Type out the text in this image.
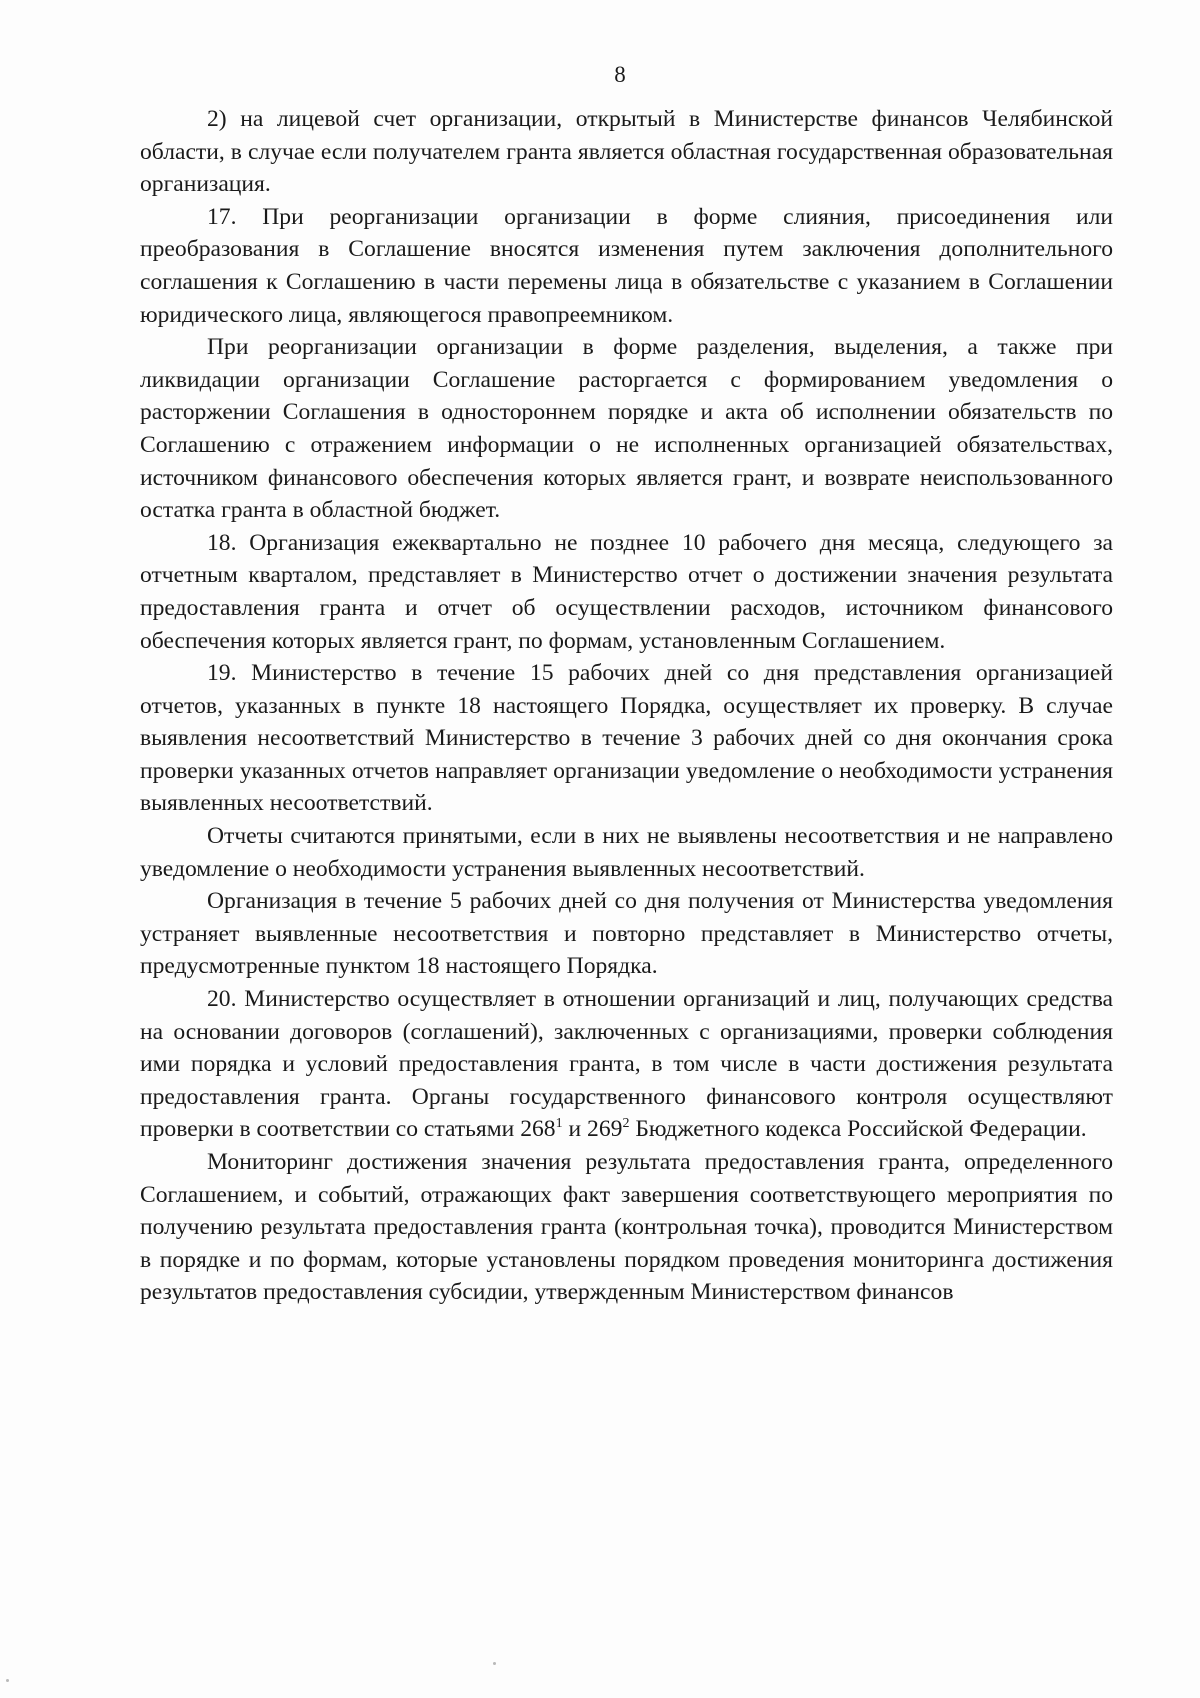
8

2) на лицевой счет организации, открытый в Министерстве финансов Челябинской области, в случае если получателем гранта является областная государственная образовательная организация.

17. При реорганизации организации в форме слияния, присоединения или преобразования в Соглашение вносятся изменения путем заключения дополнительного соглашения к Соглашению в части перемены лица в обязательстве с указанием в Соглашении юридического лица, являющегося правопреемником.

При реорганизации организации в форме разделения, выделения, а также при ликвидации организации Соглашение расторгается с формированием уведомления о расторжении Соглашения в одностороннем порядке и акта об исполнении обязательств по Соглашению с отражением информации о не исполненных организацией обязательствах, источником финансового обеспечения которых является грант, и возврате неиспользованного остатка гранта в областной бюджет.

18. Организация ежеквартально не позднее 10 рабочего дня месяца, следующего за отчетным кварталом, представляет в Министерство отчет о достижении значения результата предоставления гранта и отчет об осуществлении расходов, источником финансового обеспечения которых является грант, по формам, установленным Соглашением.

19. Министерство в течение 15 рабочих дней со дня представления организацией отчетов, указанных в пункте 18 настоящего Порядка, осуществляет их проверку. В случае выявления несоответствий Министерство в течение 3 рабочих дней со дня окончания срока проверки указанных отчетов направляет организации уведомление о необходимости устранения выявленных несоответствий.

Отчеты считаются принятыми, если в них не выявлены несоответствия и не направлено уведомление о необходимости устранения выявленных несоответствий.

Организация в течение 5 рабочих дней со дня получения от Министерства уведомления устраняет выявленные несоответствия и повторно представляет в Министерство отчеты, предусмотренные пунктом 18 настоящего Порядка.

20. Министерство осуществляет в отношении организаций и лиц, получающих средства на основании договоров (соглашений), заключенных с организациями, проверки соблюдения ими порядка и условий предоставления гранта, в том числе в части достижения результата предоставления гранта. Органы государственного финансового контроля осуществляют проверки в соответствии со статьями $268^1$ и $269^2$ Бюджетного кодекса Российской Федерации.

Мониторинг достижения значения результата предоставления гранта, определенного Соглашением, и событий, отражающих факт завершения соответствующего мероприятия по получению результата предоставления гранта (контрольная точка), проводится Министерством в порядке и по формам, которые установлены порядком проведения мониторинга достижения результатов предоставления субсидии, утвержденным Министерством финансов
